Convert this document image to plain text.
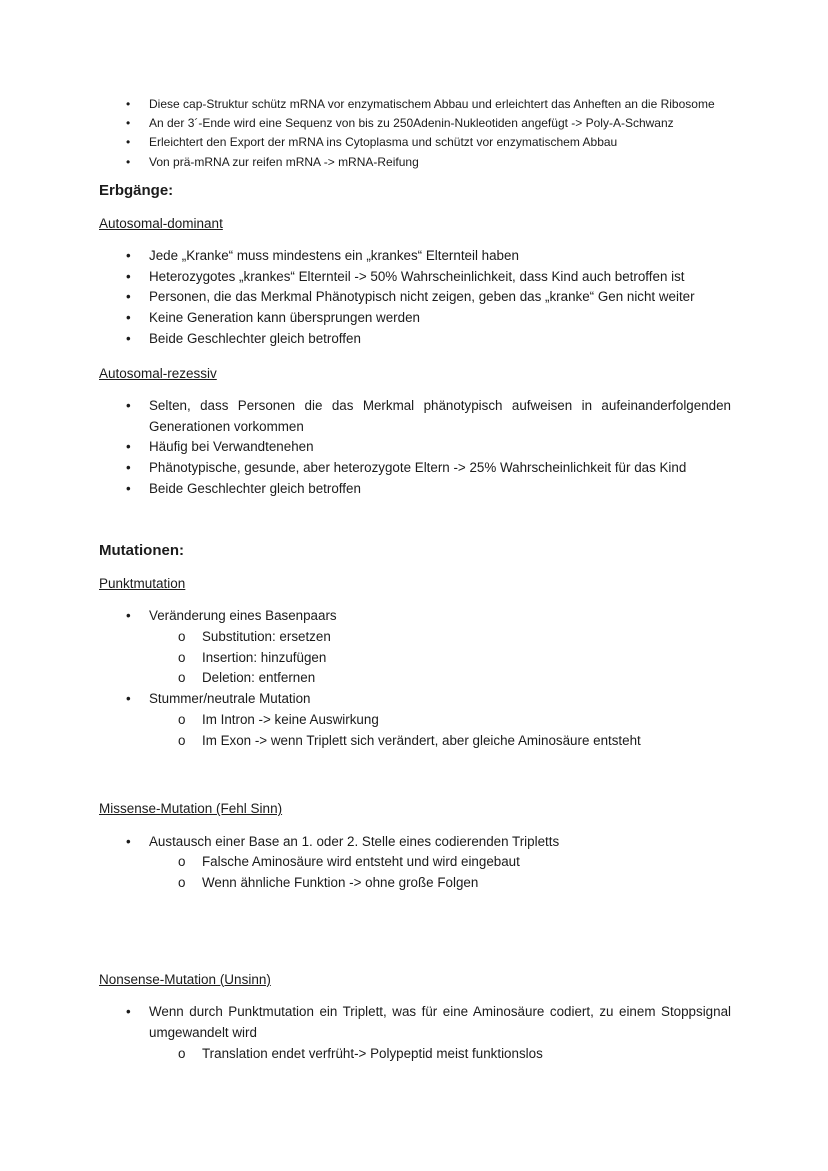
•	Diese cap-Struktur schütz mRNA vor enzymatischem Abbau und erleichtert das Anheften an die Ribosome
•	An der 3´-Ende wird eine Sequenz von bis zu 250Adenin-Nukleotiden angefügt -> Poly-A-Schwanz
•	Erleichtert den Export der mRNA ins Cytoplasma und schützt vor enzymatischem Abbau
•	Von prä-mRNA zur reifen mRNA -> mRNA-Reifung
Erbgänge:
Autosomal-dominant
•	Jede „Kranke“ muss mindestens ein „krankes“ Elternteil haben
•	Heterozygotes „krankes“ Elternteil -> 50% Wahrscheinlichkeit, dass Kind auch betroffen ist
•	Personen, die das Merkmal Phänotypisch nicht zeigen, geben das „kranke“ Gen nicht weiter
•	Keine Generation kann übersprungen werden
•	Beide Geschlechter gleich betroffen
Autosomal-rezessiv
•	Selten, dass Personen die das Merkmal phänotypisch aufweisen in aufeinanderfolgenden Generationen vorkommen
•	Häufig bei Verwandtenehen
•	Phänotypische, gesunde, aber heterozygote Eltern -> 25% Wahrscheinlichkeit für das Kind
•	Beide Geschlechter gleich betroffen
Mutationen:
Punktmutation
•	Veränderung eines Basenpaars
o	Substitution: ersetzen
o	Insertion: hinzufügen
o	Deletion: entfernen
•	Stummer/neutrale Mutation
o	Im Intron -> keine Auswirkung
o	Im Exon -> wenn Triplett sich verändert, aber gleiche Aminosäure entsteht
Missense-Mutation (Fehl Sinn)
•	Austausch einer Base an 1. oder 2. Stelle eines codierenden Tripletts
o	Falsche Aminosäure wird entsteht und wird eingebaut
o	Wenn ähnliche Funktion -> ohne große Folgen
Nonsense-Mutation (Unsinn)
•	Wenn durch Punktmutation ein Triplett, was für eine Aminosäure codiert, zu einem Stoppsignal umgewandelt wird
o	Translation endet verfrüht-> Polypeptid meist funktionslos
